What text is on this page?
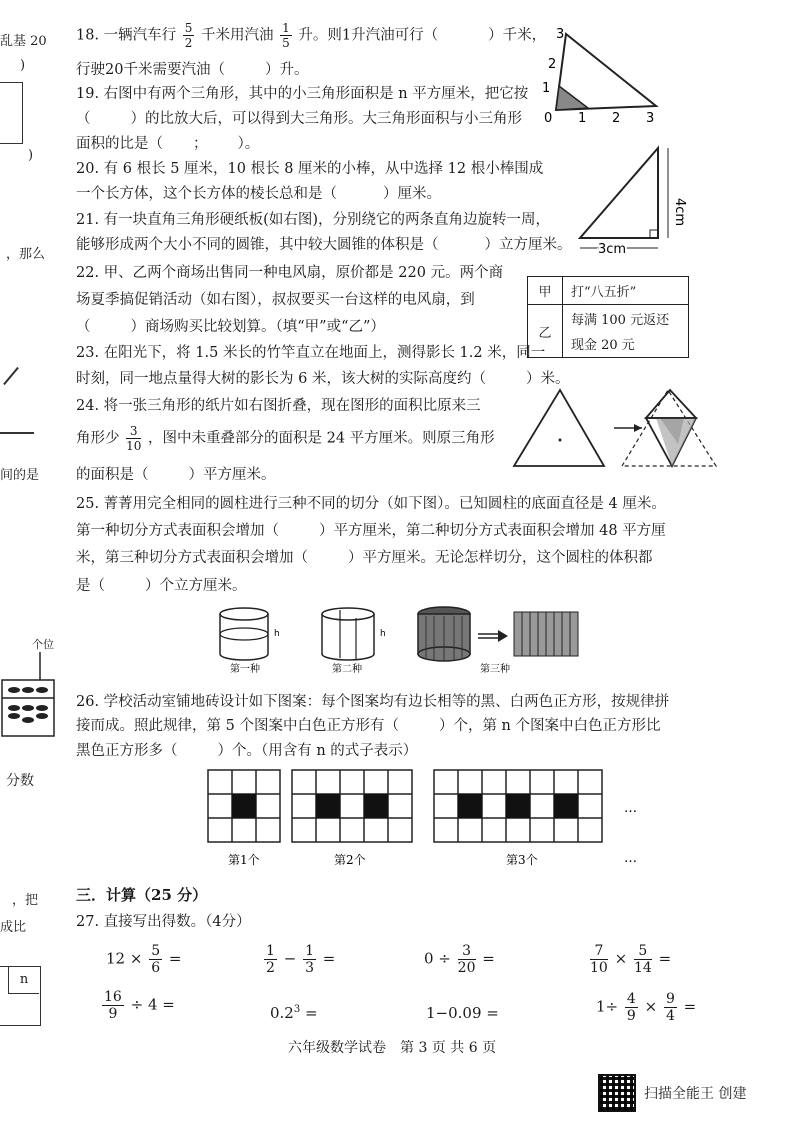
乱基 20
)
)
，那么
间的是
个位
分数
，把
成比
n
18. 一辆汽车行 $\frac{5}{2}$ 千米用汽油 $\frac{1}{5}$ 升。则1升汽油可行（	）千米，
行驶20千米需要汽油（	）升。
19. 右图中有两个三角形，其中的小三角形面积是 n 平方厘米，把它按
（	）的比放大后，可以得到大三角形。大三角形面积与小三角形
面积的比是（ ； ）。
3
2
1
0 1 2 3
20. 有 6 根长 5 厘米，10 根长 8 厘米的小棒，从中选择 12 根小棒围成
一个长方体，这个长方体的棱长总和是（	）厘米。
4cm
3cm
21. 有一块直角三角形硬纸板(如右图)，分别绕它的两条直角边旋转一周，
能够形成两个大小不同的圆锥，其中较大圆锥的体积是（	）立方厘米。
22. 甲、乙两个商场出售同一种电风扇，原价都是 220 元。两个商
场夏季搞促销活动（如右图），叔叔要买一台这样的电风扇，到
（	）商场购买比较划算。（填“甲”或“乙”）
甲	打“八五折”
乙	每满 100 元返还
现金 20 元
23. 在阳光下，将 1.5 米长的竹竿直立在地面上，测得影长 1.2 米，同一
时刻，同一地点量得大树的影长为 6 米，该大树的实际高度约（	）米。
24. 将一张三角形的纸片如右图折叠，现在图形的面积比原来三
角形少 $\frac{3}{10}$ ，图中未重叠部分的面积是 24 平方厘米。则原三角形
的面积是（	）平方厘米。
25. 菁菁用完全相同的圆柱进行三种不同的切分（如下图）。已知圆柱的底面直径是 4 厘米。
第一种切分方式表面积会增加（	）平方厘米，第二种切分方式表面积会增加 48 平方厘
米，第三种切分方式表面积会增加（	）平方厘米。无论怎样切分，这个圆柱的体积都
是（	）个立方厘米。
h
第一种
h
第二种	第三种
26. 学校活动室铺地砖设计如下图案：每个图案均有边长相等的黑、白两色正方形，按规律拼
接而成。照此规律，第 5 个图案中白色正方形有（	）个，第 n 个图案中白色正方形比
黑色正方形多（	）个。（用含有 n 的式子表示）
…
…
第1个	第2个	第3个
三．计算（25 分）
27. 直接写出得数。（4分）
$12 \times \frac{5}{6}$ =	$\frac{1}{2} - \frac{1}{3}$ =	$0 \div \frac{3}{20}$ =	$\frac{7}{10} \times \frac{5}{14}$ =
$\frac{16}{9} \div 4$ =	$0.2^3$ =	1−0.09 =	$1\div \frac{4}{9} \times \frac{9}{4}$ =
六年级数学试卷　第 3 页 共 6 页
扫描全能王 创建
